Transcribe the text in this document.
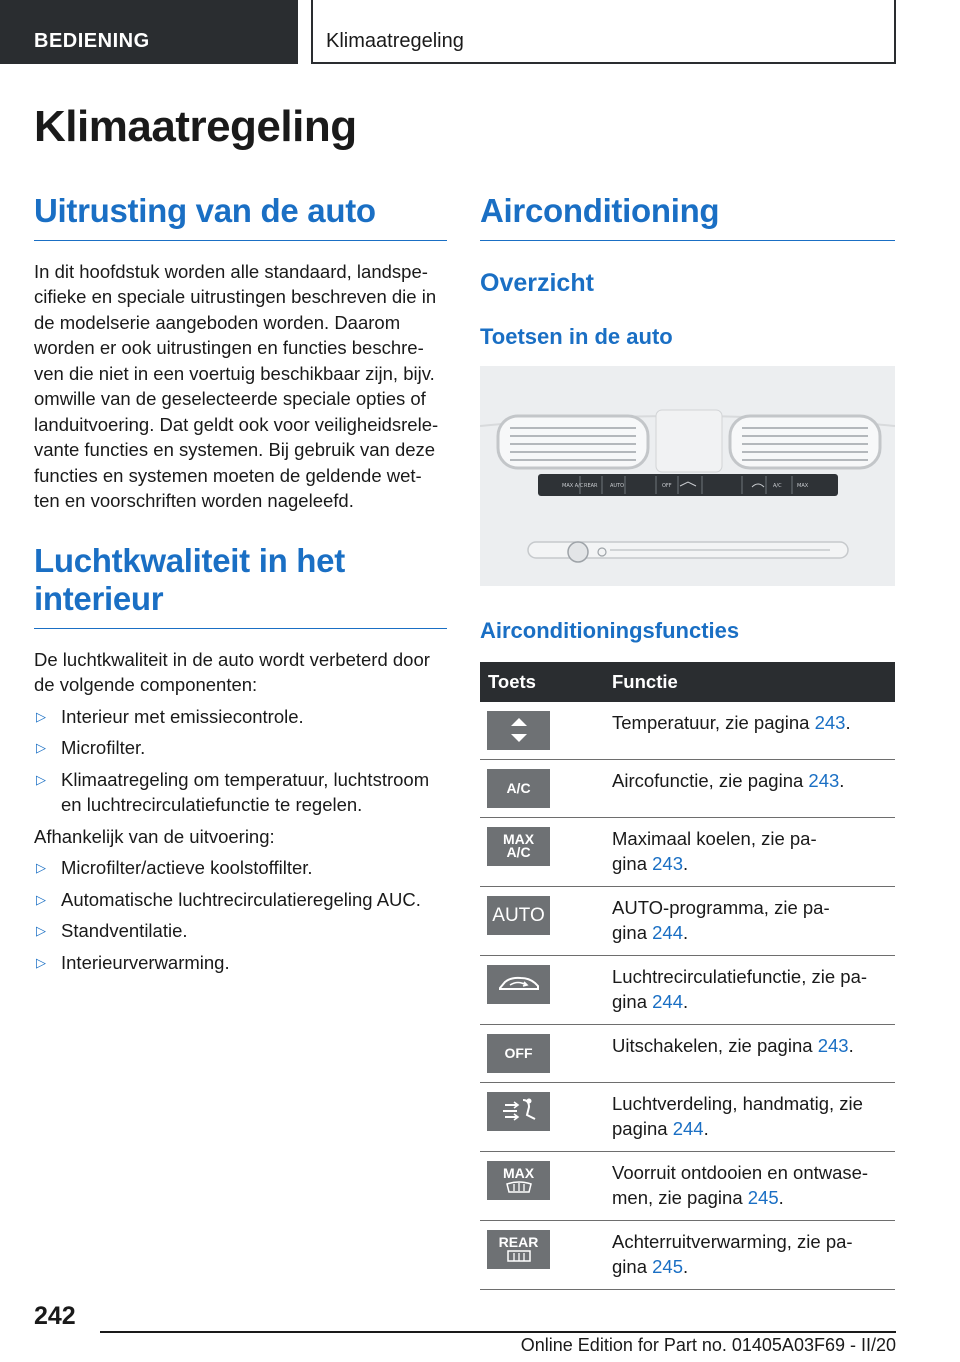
BEDIENING	Klimaatregeling
Klimaatregeling
Uitrusting van de auto

In dit hoofdstuk worden alle standaard, landspe-

cifieke en speciale uitrustingen beschreven die in

de modelserie aangeboden worden. Daarom

worden er ook uitrustingen en functies beschre-

ven die niet in een voertuig beschikbaar zijn, bijv.

omwille van de geselecteerde speciale opties of

landuitvoering. Dat geldt ook voor veiligheidsrele-

vante functies en systemen. Bij gebruik van deze

functies en systemen moeten de geldende wet-

ten en voorschriften worden nageleefd.

Luchtkwaliteit in het
interieur

De luchtkwaliteit in de auto wordt verbeterd door

de volgende componenten:

▷ Interieur met emissiecontrole.
▷ Microfilter.
▷ Klimaatregeling om temperatuur, luchtstroom
en luchtrecirculatiefunctie te regelen.
Afhankelijk van de uitvoering:
▷ Microfilter/actieve koolstoffilter.
▷ Automatische luchtrecirculatieregeling AUC.
▷ Standventilatie.
▷ Interieurverwarming.
Airconditioning
Overzicht
Toetsen in de auto
MAX A/C REAR AUTO	OFF	A/C	MAX
Airconditioningsfuncties
Toets	Functie

	Temperatuur, zie pagina 243.

A/C	Aircofunctie, zie pagina 243.

MAX A/C	Maximaal koelen, zie pa-
gina 243.

AUTO	AUTO-programma, zie pa-
gina 244.

	Luchtrecirculatiefunctie, zie pa-
gina 244.

OFF	Uitschakelen, zie pagina 243.

	Luchtverdeling, handmatig, zie
pagina 244.

MAX	Voorruit ontdooien en ontwase-
men, zie pagina 245.

REAR	Achterruitverwarming, zie pa-
gina 245.
242
Online Edition for Part no. 01405A03F69 - II/20
